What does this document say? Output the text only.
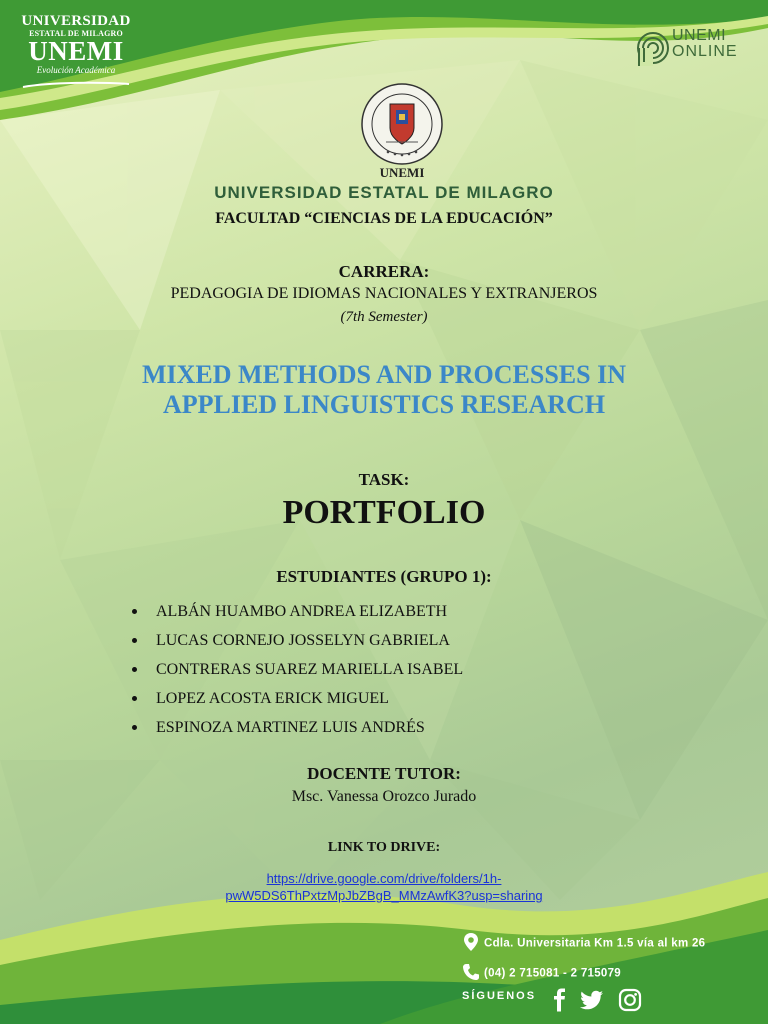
UNIVERSIDAD
ESTATAL DE MILAGRO
UNEMI
Evolución Académica
UNEMI
ONLINE
UNEMI
UNIVERSIDAD ESTATAL DE MILAGRO
FACULTAD “CIENCIAS DE LA EDUCACIÓN”
CARRERA:
PEDAGOGIA DE IDIOMAS NACIONALES Y EXTRANJEROS
(7th Semester)
MIXED METHODS AND PROCESSES IN
APPLIED LINGUISTICS RESEARCH
TASK:
PORTFOLIO
ESTUDIANTES (GRUPO 1):
ALBÁN HUAMBO ANDREA ELIZABETH
LUCAS CORNEJO JOSSELYN GABRIELA
CONTRERAS SUAREZ MARIELLA ISABEL
LOPEZ ACOSTA ERICK MIGUEL
ESPINOZA MARTINEZ LUIS ANDRÉS
DOCENTE TUTOR:
Msc. Vanessa Orozco Jurado
LINK TO DRIVE:
https://drive.google.com/drive/folders/1h-
pwW5DS6ThPxtzMpJbZBgB_MMzAwfK3?usp=sharing
Cdla. Universitaria Km 1.5 vía al km 26
(04) 2 715081 - 2 715079
SÍGUENOS
